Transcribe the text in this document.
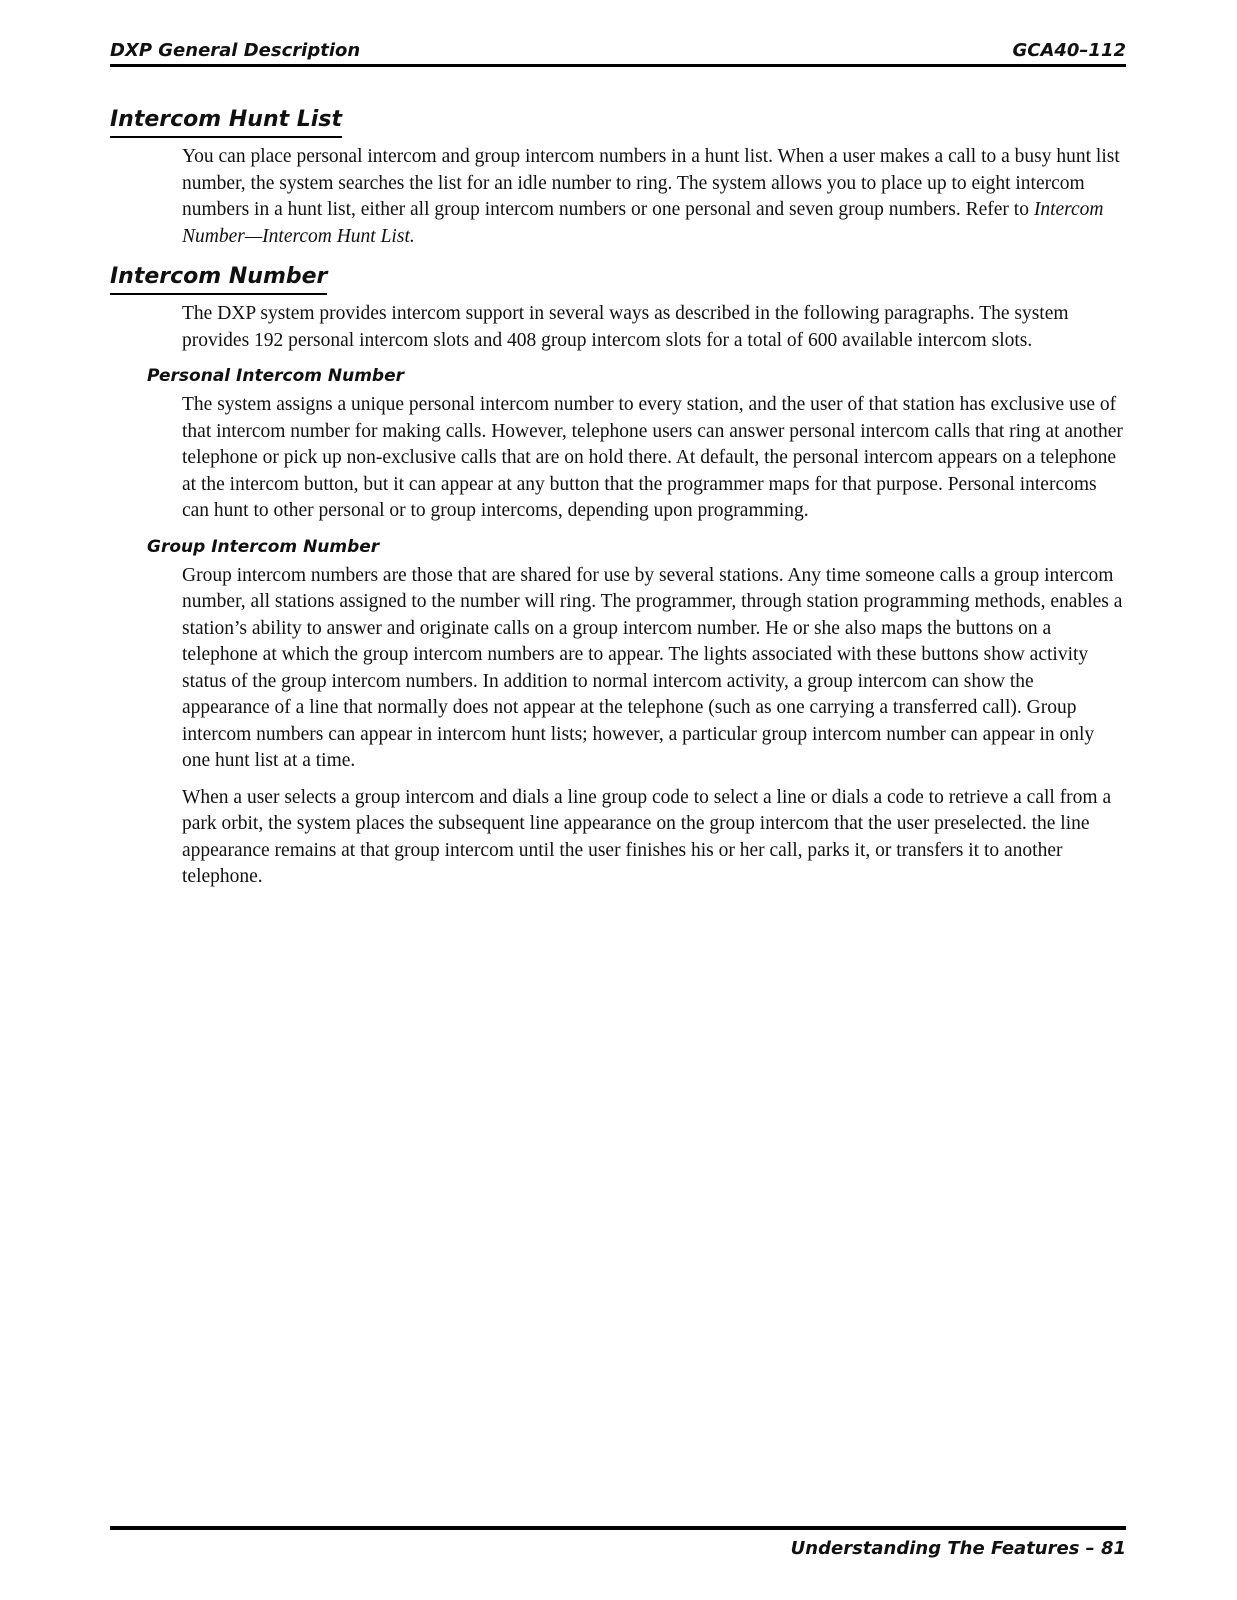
DXP General Description	GCA40–112
Intercom Hunt List

You can place personal intercom and group intercom numbers in a hunt list. When a user makes a call to a busy hunt list number, the system searches the list for an idle number to ring. The system allows you to place up to eight intercom numbers in a hunt list, either all group intercom numbers or one personal and seven group numbers. Refer to Intercom Number—Intercom Hunt List.

Intercom Number

The DXP system provides intercom support in several ways as described in the following paragraphs. The system provides 192 personal intercom slots and 408 group intercom slots for a total of 600 available intercom slots.

Personal Intercom Number

The system assigns a unique personal intercom number to every station, and the user of that station has exclusive use of that intercom number for making calls. However, telephone users can answer personal intercom calls that ring at another telephone or pick up non-exclusive calls that are on hold there. At default, the personal intercom appears on a telephone at the intercom button, but it can appear at any button that the programmer maps for that purpose. Personal intercoms can hunt to other personal or to group intercoms, depending upon programming.

Group Intercom Number

Group intercom numbers are those that are shared for use by several stations. Any time someone calls a group intercom number, all stations assigned to the number will ring. The programmer, through station programming methods, enables a station’s ability to answer and originate calls on a group intercom number. He or she also maps the buttons on a telephone at which the group intercom numbers are to appear. The lights associated with these buttons show activity status of the group intercom numbers. In addition to normal intercom activity, a group intercom can show the appearance of a line that normally does not appear at the telephone (such as one carrying a transferred call). Group intercom numbers can appear in intercom hunt lists; however, a particular group intercom number can appear in only one hunt list at a time.

When a user selects a group intercom and dials a line group code to select a line or dials a code to retrieve a call from a park orbit, the system places the subsequent line appearance on the group intercom that the user preselected. the line appearance remains at that group intercom until the user finishes his or her call, parks it, or transfers it to another telephone.

Understanding The Features – 81
